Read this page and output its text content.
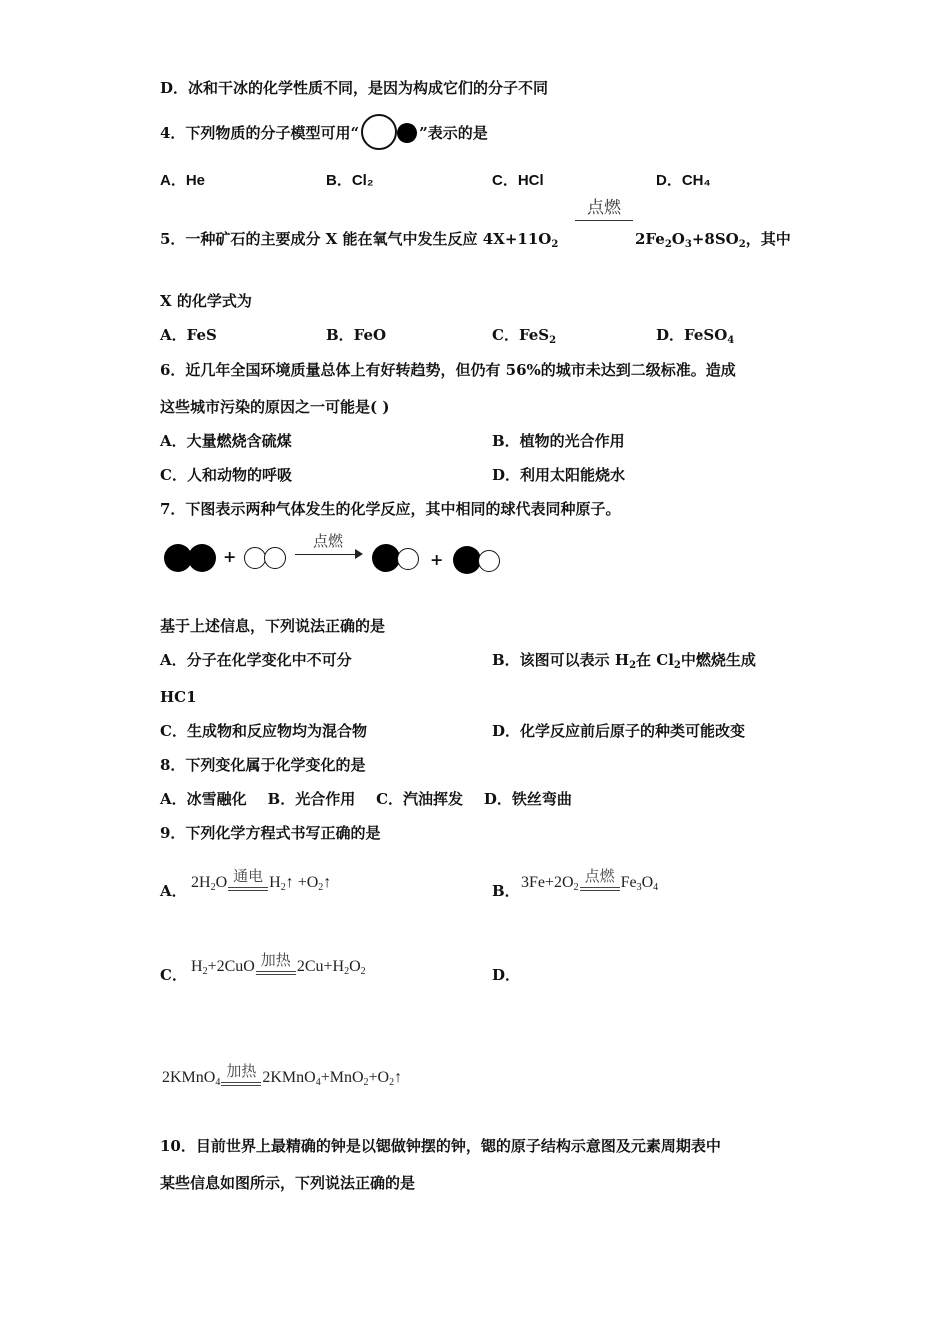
D．冰和干冰的化学性质不同，是因为构成它们的分子不同
4．下列物质的分子模型可用“	”表示的是
A．He	B．Cl₂	C．HCl	D．CH₄
5．一种矿石的主要成分 X 能在氧气中发生反应 $4X+11O_2$
点燃
$2Fe_2O_3+8SO_2$，其中
X 的化学式为
A．FeS	B．FeO	C．FeS$_2$	D．FeSO$_4$
6．近几年全国环境质量总体上有好转趋势，但仍有 56%的城市未达到二级标准。造成
这些城市污染的原因之一可能是( )
A．大量燃烧含硫煤	B．植物的光合作用
C．人和动物的呼吸	D．利用太阳能烧水
7．下图表示两种气体发生的化学反应，其中相同的球代表同种原子。
+
点燃
+
基于上述信息，下列说法正确的是
A．分子在化学变化中不可分	B．该图可以表示 $H_2$在 $Cl_2$中燃烧生成
HC1
C．生成物和反应物均为混合物	D．化学反应前后原子的种类可能改变
8．下列变化属于化学变化的是
A．冰雪融化    B．光合作用    C．汽油挥发    D．铁丝弯曲
9．下列化学方程式书写正确的是
A． $2H_2O$ 通电 $H_2↑$ $+O_2↑$	B． $3Fe+2O_2$
点燃 $Fe_3O_4$
C． $H_2+2CuO$ 加热 $2Cu+H_2O_2$	D．
2KMnO$_4$
加热 $2KMnO_4+MnO_2+O_2↑$
10．目前世界上最精确的钟是以锶做钟摆的钟，锶的原子结构示意图及元素周期表中
某些信息如图所示，下列说法正确的是
